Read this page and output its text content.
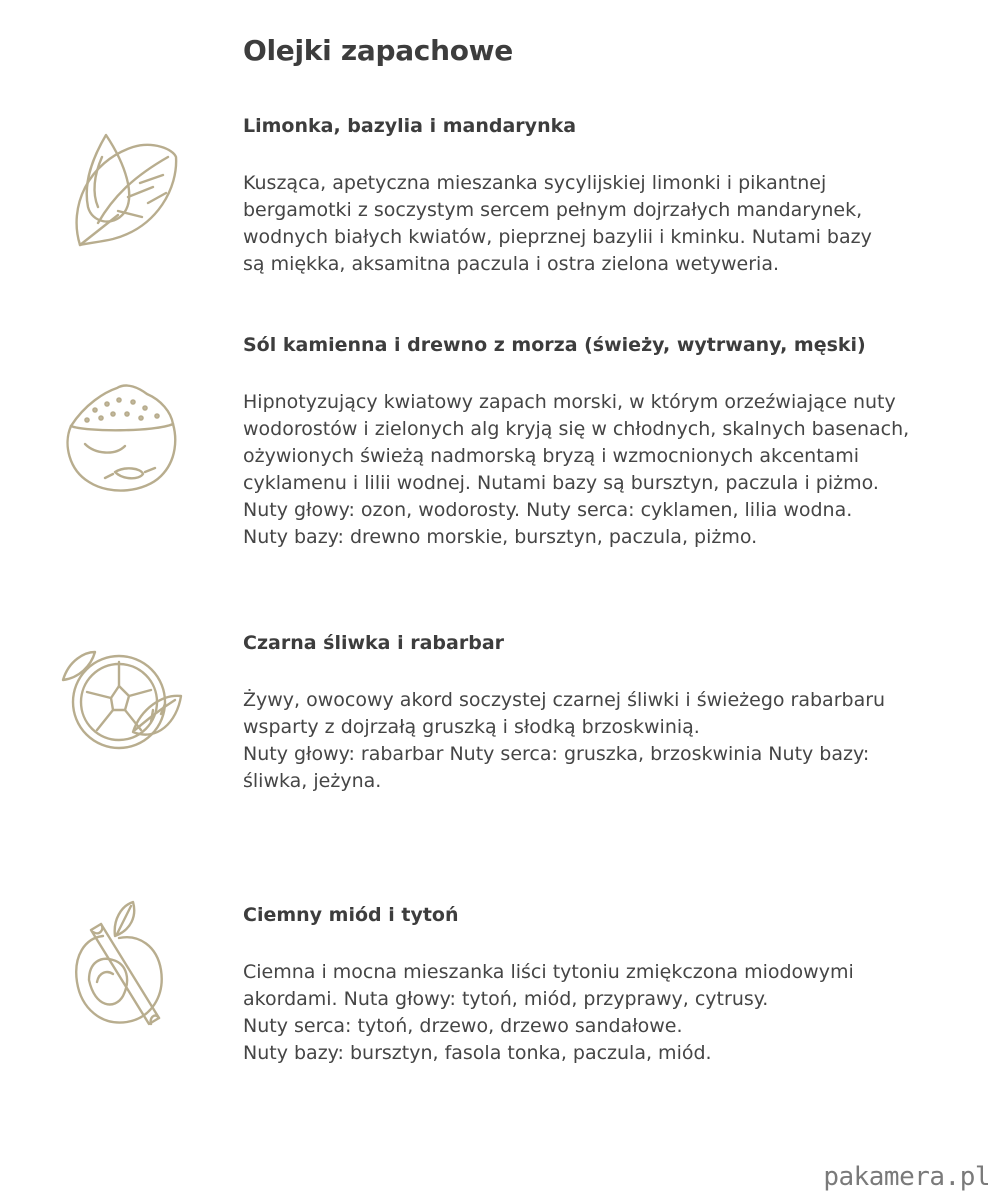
Olejki zapachowe
Limonka, bazylia i mandarynka

Kusząca, apetyczna mieszanka sycylijskiej limonki i pikantnej
bergamotki z soczystym sercem pełnym dojrzałych mandarynek,
wodnych białych kwiatów, pieprznej bazylii i kminku. Nutami bazy
są miękka, aksamitna paczula i ostra zielona wetyweria.

Sól kamienna i drewno z morza (świeży, wytrwany, męski)

Hipnotyzujący kwiatowy zapach morski, w którym orzeźwiające nuty
wodorostów i zielonych alg kryją się w chłodnych, skalnych basenach,
ożywionych świeżą nadmorską bryzą i wzmocnionych akcentami
cyklamenu i lilii wodnej. Nutami bazy są bursztyn, paczula i piżmo.
Nuty głowy: ozon, wodorosty. Nuty serca: cyklamen, lilia wodna.
Nuty bazy: drewno morskie, bursztyn, paczula, piżmo.

Czarna śliwka i rabarbar

Żywy, owocowy akord soczystej czarnej śliwki i świeżego rabarbaru
wsparty z dojrzałą gruszką i słodką brzoskwinią.
Nuty głowy: rabarbar Nuty serca: gruszka, brzoskwinia Nuty bazy:
śliwka, jeżyna.

Ciemny miód i tytoń

Ciemna i mocna mieszanka liści tytoniu zmiękczona miodowymi
akordami. Nuta głowy: tytoń, miód, przyprawy, cytrusy.
Nuty serca: tytoń, drzewo, drzewo sandałowe.
Nuty bazy: bursztyn, fasola tonka, paczula, miód.

pakamera.pl
